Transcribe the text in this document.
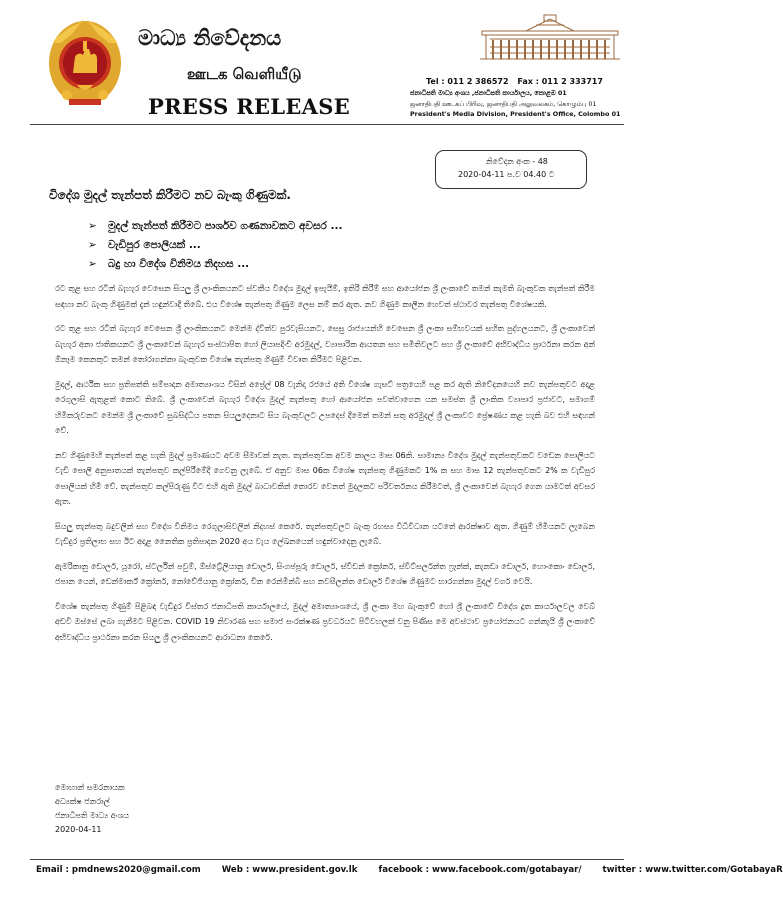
මාධ්‍ය නිවේදනය
ஊடக வெளியீடு
PRESS RELEASE
Tel : 011 2 386572 Fax : 011 2 333717
ජනාධිපති මාධ්‍ය අංශය ,ජනාධිපති කාර්යාලය, කොළඹ 01
ஜனாதிபதி ஊடகப் பிரிவு, ஜனாதிபதி அலுவலகம், கொழும்பு 01
President's Media Division, President's Office, Colombo 01
නිවේදන අංක - 48
2020-04-11 ප.ව 04.40 ට
විදේශ මුදල් තැන්පත් කිරීමට නව බැංකු ගිණුමක්.
➢ මුදල් තැන්පත් කිරීමට පාර්ශව ගණනාවකට අවසර ...
➢ වැඩිපුර පොලියක් ...
➢ බදු හා විදේශ විනිමය නිදහස ...

රට තුළ සහ රටින් බැහැර වෙසෙන සියලු ශ්‍රී ලාංකිකයනට ස්වකීය විදේශ මුදල් ඉපැයීම්, ඉතිරි කිරීම් සහ ආයෝජන ශ්‍රී ලංකාවේ තමන් කැමති බැංකුවක තැන්පත් කිරීම සඳහා නව බැංකු ගිණුමක් දැන් හඳුන්වාදී තිබේ. එය විශේෂ තැන්පතු ගිණුම ලෙස නම් කර ඇත. නව ගිණුම කාලීන හෙවත් ස්ථාවර තැන්පතු විශේෂයකි.

රට තුළ සහ රටින් බැහැර වෙසෙන ශ්‍රී ලාංකිකයනට මෙන්ම ද්විත්ව පුරවැසියනට, සෙසු රාජ්‍යයන්හි වෙසෙන ශ්‍රී ලංකා සම්භවයක් සහිත පුද්ගලයනට, ශ්‍රී ලංකාවෙන් බැහැර අනා ජාතිකයනට ශ්‍රී ලංකාවෙන් බැහැර සංස්ථාපිත හෝ ලියාපදිංචි අරමුදල්, ව්‍යාපාරික ආයතන සහ සමිතිවලට සහ ශ්‍රී ලංකාවේ අභිවෘද්ධිය ප්‍රාර්ථනා කරන අන් ඕනෑම කෙනකුට තමන් තෝරාගන්නා බැංකුවක විශේෂ තැන්පතු ගිණුම් විවෘත කිරීමට පිළිවන.

මුදල්, ආර්ථික සහ ප්‍රතිපත්ති සම්පාදන අමාත්‍යාංශය විසින් අප්‍රේල් 08 වැනිදා රජයේ අති විශේෂ ගැසට් පත්‍රයෙහි පළ කර ඇති නිවේදනයෙහි නව තැන්පතුවට අදාළ රෙගුලාසි ඇතුළත් කොට තිබේ. ශ්‍රී ලංකාවෙන් බැහැර විදේශ මුදල් තැන්පතු හෝ ආයෝජන පවත්වාගෙන යන සමස්ත ශ්‍රී ලාංකික ව්‍යාපාර ප්‍රජාවට, සමාගම් හිමිකරුවනට මෙන්ම ශ්‍රී ලංකාවේ සුබසිද්ධිය පතන සියලුදෙනාට සිය බැංකුවලට උපදෙස් දීමෙන් තමන් සතු අරමුදල් ශ්‍රී ලංකාවට ප්‍රේෂණය කළ හැකි බව එහි සඳහන් වේ.

නව ගිණුමෙහි තැන්පත් කළ හැකි මුදල් ප්‍රමාණයට අවම සීමාවක් නැත. තැන්පතුවක අවම කාලය මාස 06කි. සාමාන්‍ය විදේශ මුදල් තැන්පතුවකට වඩෙන පොලියට වැඩි පොලී අනුපාතයක් තැන්පතුව කල්පිරීමේදී ගෙවනු ලැබේ. ඒ අනුව මාස 06ක විශේෂ තැන්පතු ගිණුමකට 1% ක සහ මාස 12 තැන්පතුවකට 2% ක වැඩිපුර පොලියක් හිමි වේ. තැන්පතුව කල්පිරුණු විට එහි ඇති මුදල් බාධාවකින් තොරව වෙනත් මුදලකට පරිවර්තනය කිරීමටත්, ශ්‍රී ලංකාවෙන් බැහැර ගෙන යාමටත් අවසර ඇත.

සියලු තැන්පතු බදුවලින් සහ විදේශ විනිමය රෙගුලාසිවලින් නිදහස් කෙරේ. තැන්පතුවලට බැංකු රහස්‍ය විධිවිධාන යටතේ ආරක්ෂාව ඇත. ගිණුම් හිමියනට ලැබෙන වැඩිදුර ප්‍රතිලාභ සහ ඊට අදාළ නෛතික ප්‍රතිපාදන 2020 අය වැය ලේඛනයෙන් හඳුන්වාදෙනු ලැබේ.

ඇමරිකානු ඩොලර්, යූරෝ, ස්ටර්ලින් පවුම්, ඕස්ට්‍රේලියානු ඩොලර්, සිංගප්පූරු ඩොලර්, ස්වීඩන් ක්‍රෝනර්, ස්විට්සර්ලන්ත ෆ්‍රෑන්ක්, කැනඩා ඩොලර්, හොංකොං ඩොලර්, ජපාන යෙන්, ඩෙන්මාර්ක් ක්‍රෝනර්, නෝවේජියානු ක්‍රෝනර්, චීන රෙන්මින්බි සහ නවසීලන්ත ඩොලර් විශේෂ ගිණුමට භාරගන්නා මුදල් වර්ග වෙයි.

විශේෂ තැන්පතු ගිණුම් පිළිබඳ වැඩිදුර විස්තර ජනාධිපති කාර්යාලයේ, මුදල් අමාත්‍යාංශයේ, ශ්‍රී ලංකා මහ බැංකුවේ හෝ ශ්‍රී ලංකාවේ විදේශ දූත කාර්යාලවල වෙබ් අඩවි ඔස්සේ ලබා ගැනීමට පිළිවන. COVID 19 නිවාරණ සහ සමාජ සංරක්ෂණ ප්‍රවර්ධයට පිටිවහලක් වනු පිණිස මෙ අවස්ථාව ප්‍රයෝජනයට ගන්නැයි ශ්‍රී ලංකාවේ අභිවෘද්ධිය ප්‍රාර්ථනා කරන සියලු ශ්‍රී ලාංකිකයනට ආරාධනා කෙරේ.

මොහාන් සමරනායක
අධ්‍යක්ෂ ජනරාල්
ජනාධිපති මාධ්‍ය අංශය
2020-04-11
Email : pmdnews2020@gmail.com Web : www.president.gov.lk facebook : www.facebook.com/gotabayar/ twitter : www.twitter.com/GotabayaR
